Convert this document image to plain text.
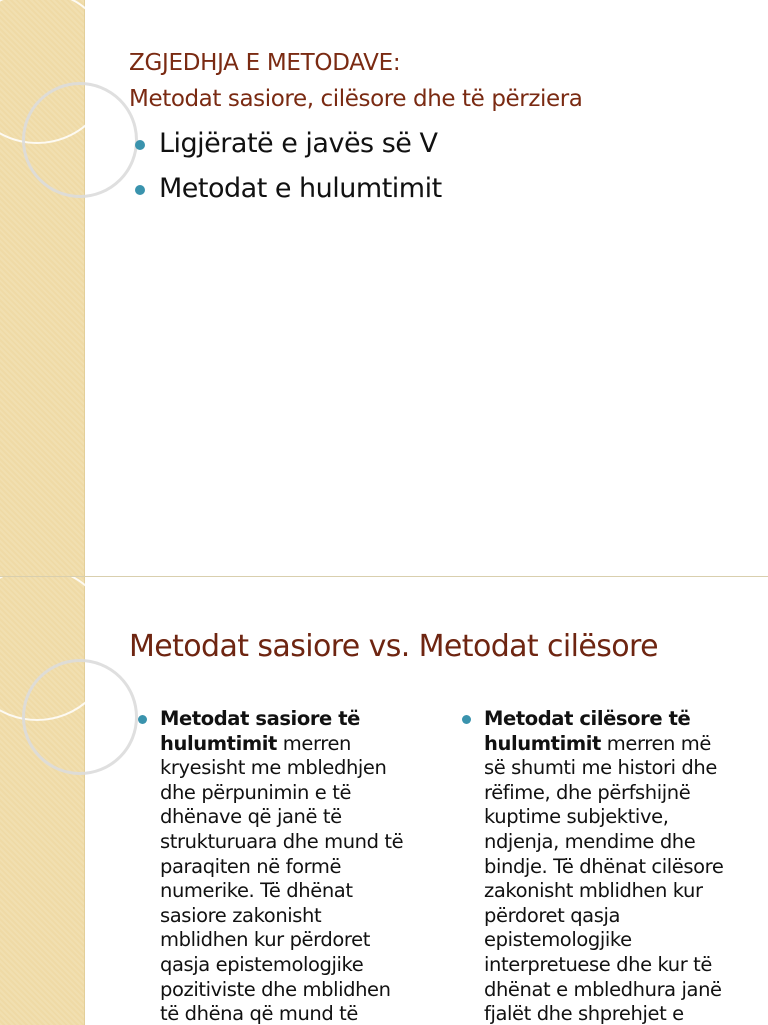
ZGJEDHJA E METODAVE:
Metodat sasiore, cilësore dhe të përziera
Ligjëratë e javës së V
Metodat e hulumtimit
Metodat sasiore vs. Metodat cilësore
Metodat sasiore të hulumtimit merren kryesisht me mbledhjen dhe përpunimin e të dhënave që janë të strukturuara dhe mund të paraqiten në formë numerike. Të dhënat sasiore zakonisht mblidhen kur përdoret qasja epistemologjike pozitiviste dhe mblidhen të dhëna që mund të
Metodat cilësore të hulumtimit merren më së shumti me histori dhe rëfime, dhe përfshijnë kuptime subjektive, ndjenja, mendime dhe bindje. Të dhënat cilësore zakonisht mblidhen kur përdoret qasja epistemologjike interpretuese dhe kur të dhënat e mbledhura janë fjalët dhe shprehjet e
